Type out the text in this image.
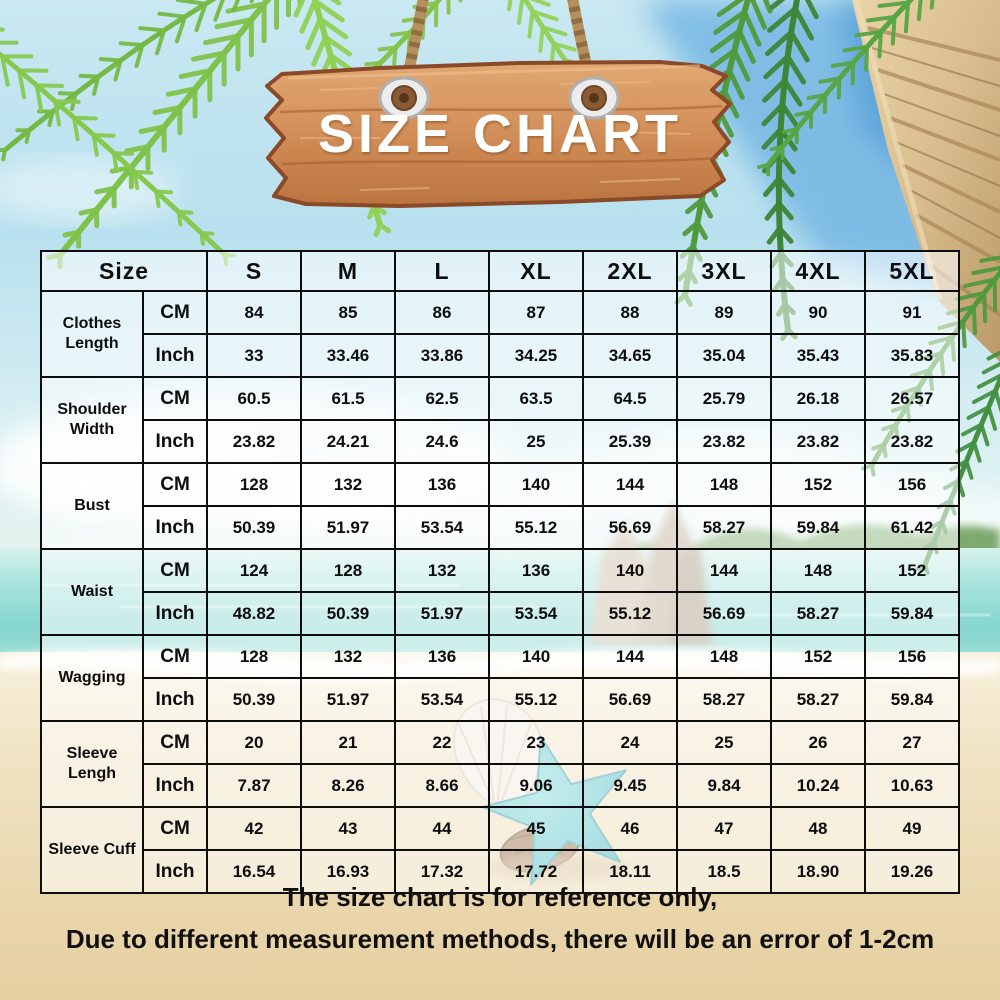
SIZE CHART
Size		S	M	L	XL	2XL	3XL	4XL	5XL
Clothes Length	CM	84	85	86	87	88	89	90	91
	Inch	33	33.46	33.86	34.25	34.65	35.04	35.43	35.83
Shoulder Width	CM	60.5	61.5	62.5	63.5	64.5	25.79	26.18	26.57
	Inch	23.82	24.21	24.6	25	25.39	23.82	23.82	23.82
Bust	CM	128	132	136	140	144	148	152	156
	Inch	50.39	51.97	53.54	55.12	56.69	58.27	59.84	61.42
Waist	CM	124	128	132	136	140	144	148	152
	Inch	48.82	50.39	51.97	53.54	55.12	56.69	58.27	59.84
Wagging	CM	128	132	136	140	144	148	152	156
	Inch	50.39	51.97	53.54	55.12	56.69	58.27	58.27	59.84
Sleeve Lengh	CM	20	21	22	23	24	25	26	27
	Inch	7.87	8.26	8.66	9.06	9.45	9.84	10.24	10.63
Sleeve Cuff	CM	42	43	44	45	46	47	48	49
	Inch	16.54	16.93	17.32	17.72	18.11	18.5	18.90	19.26
The size chart is for reference only,
Due to different measurement methods, there will be an error of 1-2cm
